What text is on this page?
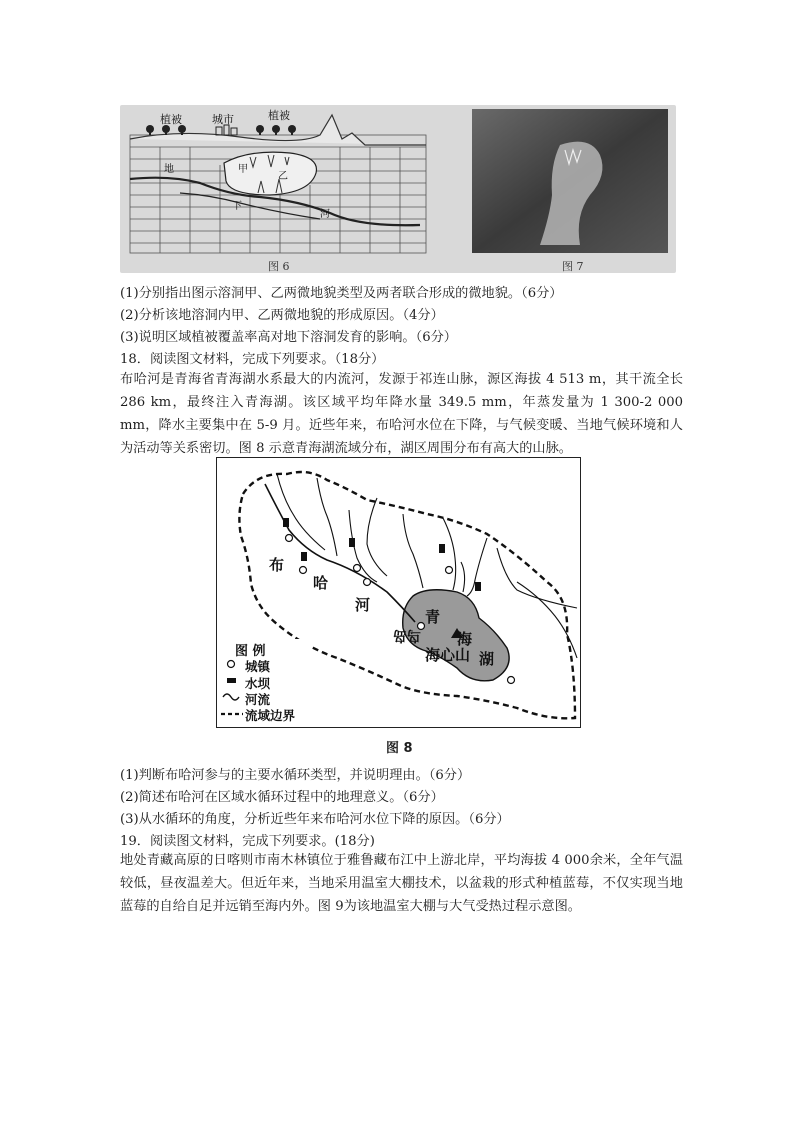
植被	城市	植被
甲
乙
地
下
河
图 6	图 7
(1)分别指出图示溶洞甲、乙两微地貌类型及两者联合形成的微地貌。（6分）
(2)分析该地溶洞内甲、乙两微地貌的形成原因。（4分）
(3)说明区域植被覆盖率高对地下溶洞发育的影响。（6分）
18．阅读图文材料，完成下列要求。（18分）
布哈河是青海省青海湖水系最大的内流河，发源于祁连山脉，源区海拔 4 513 m，其干流全长 286 km，最终注入青海湖。该区域平均年降水量 349.5 mm，年蒸发量为 1 300-2 000 mm，降水主要集中在 5-9 月。近些年来，布哈河水位在下降，与气候变暖、当地气候环境和人为活动等关系密切。图 8 示意青海湖流域分布，湖区周围分布有高大的山脉。
布
哈
河
青
海
湖
鸟岛
海心山
图 例
城镇
水坝
河流
流域边界
图 8
(1)判断布哈河参与的主要水循环类型，并说明理由。（6分）
(2)简述布哈河在区域水循环过程中的地理意义。（6分）
(3)从水循环的角度，分析近些年来布哈河水位下降的原因。（6分）
19．阅读图文材料，完成下列要求。(18分)
地处青藏高原的日喀则市南木林镇位于雅鲁藏布江中上游北岸，平均海拔 4 000余米，全年气温较低，昼夜温差大。但近年来，当地采用温室大棚技术，以盆栽的形式种植蓝莓，不仅实现当地蓝莓的自给自足并远销至海内外。图 9为该地温室大棚与大气受热过程示意图。
